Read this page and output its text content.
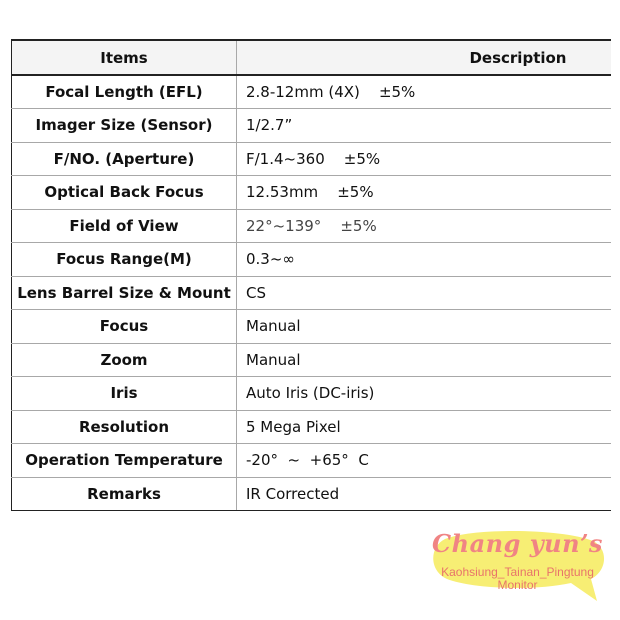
Items	Description
Focal Length (EFL)	2.8-12mm (4X)    ±5%
Imager Size (Sensor)	1/2.7”
F/NO. (Aperture)	F/1.4~360    ±5%
Optical Back Focus	12.53mm    ±5%
Field of View	22°~139°    ±5%
Focus Range(M)	0.3~∞
Lens Barrel Size & Mount	CS
Focus	Manual
Zoom	Manual
Iris	Auto Iris (DC-iris)
Resolution	5 Mega Pixel
Operation Temperature	-20°  ~  +65°  C
Remarks	IR Corrected
Chang yun’s
Kaohsiung_Tainan_Pingtung
Monitor
